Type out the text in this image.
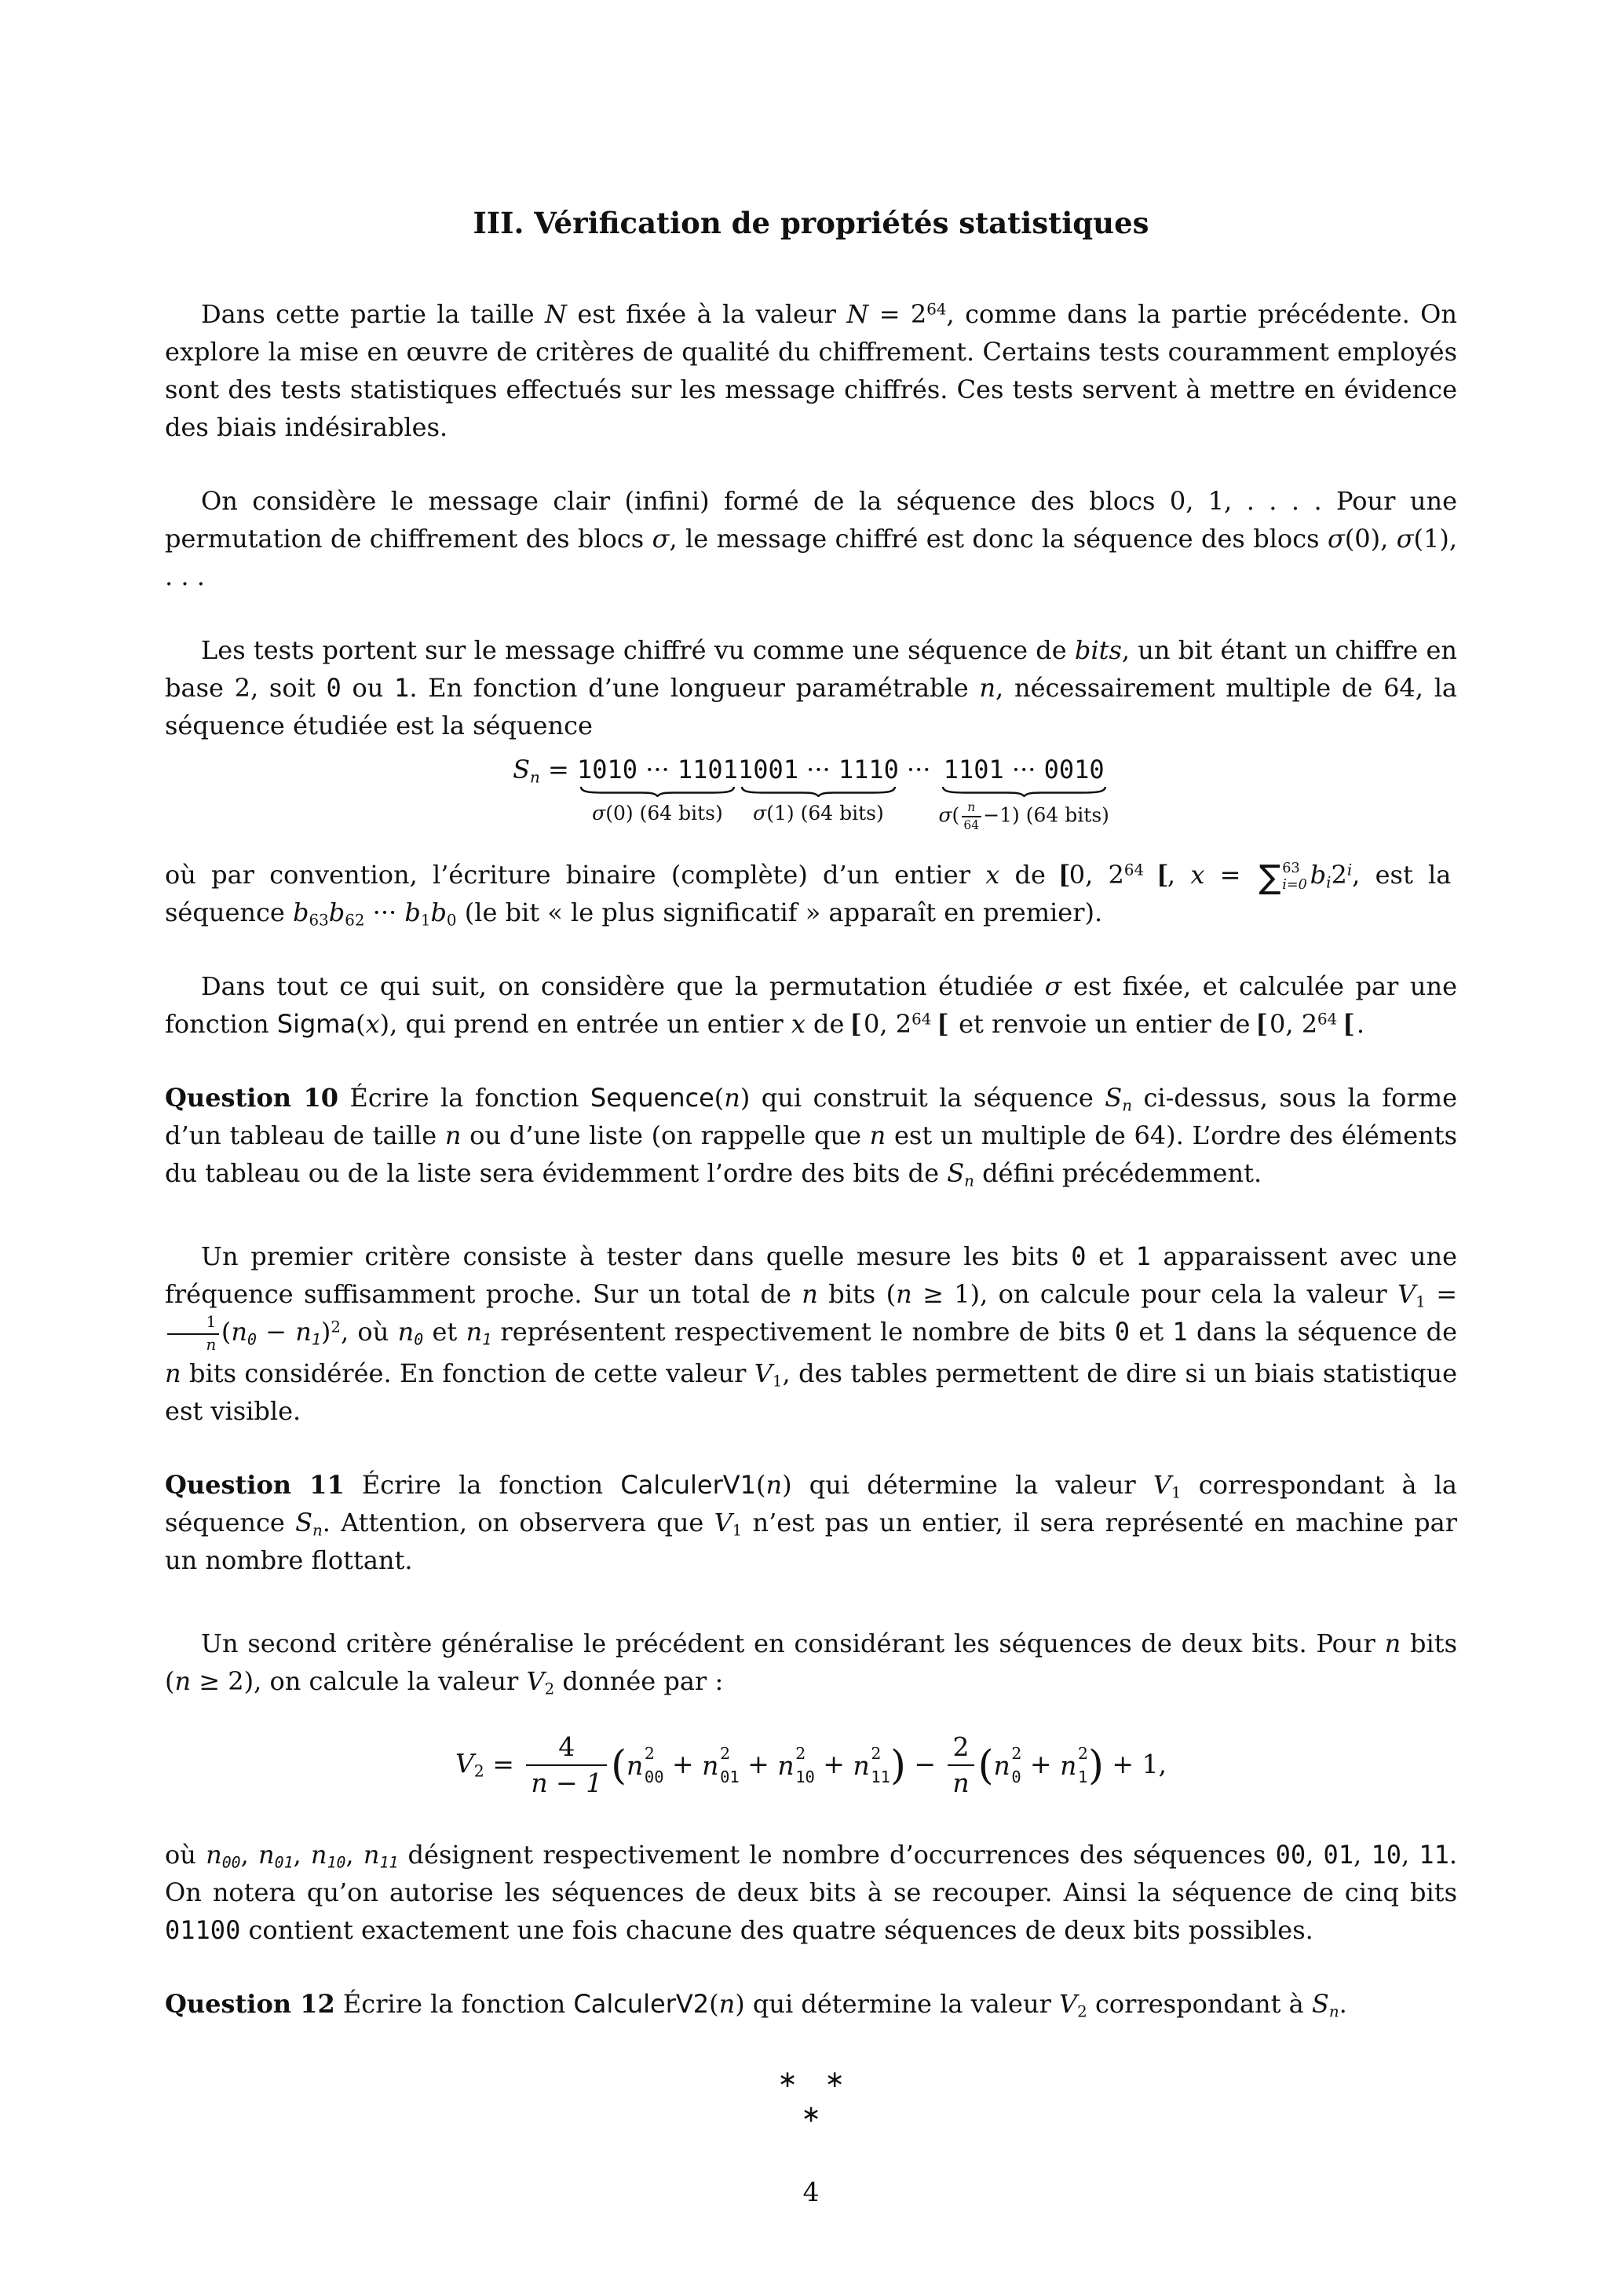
III. Vérification de propriétés statistiques

Dans cette partie la taille N est fixée à la valeur $N = 2^{64}$, comme dans la partie précédente. On explore la mise en œuvre de critères de qualité du chiffrement. Certains tests couramment employés sont des tests statistiques effectués sur les message chiffrés. Ces tests servent à mettre en évidence des biais indésirables.

On considère le message clair (infini) formé de la séquence des blocs 0, 1, . . . . Pour une permutation de chiffrement des blocs σ, le message chiffré est donc la séquence des blocs σ(0), σ(1), . . .

Les tests portent sur le message chiffré vu comme une séquence de bits, un bit étant un chiffre en base 2, soit 0 ou 1. En fonction d’une longueur paramétrable n, nécessairement multiple de 64, la séquence étudiée est la séquence

Sn = 1010 ··· 1101
σ(0) (64 bits)
1001 ··· 1110
σ(1) (64 bits)
··· 1101 ··· 0010
$\sigma( \frac{n}{64} -1)$ (64 bits)

où par convention, l’écriture binaire (complète) d’un entier x de 0, $2^{64}$ , x = ∑ 63
i=0 bi2$^i$, est la séquence b63b62 ··· b1b0 (le bit « le plus significatif » apparaît en premier).

Dans tout ce qui suit, on considère que la permutation étudiée σ est fixée, et calculée par une fonction Sigma(x), qui prend en entrée un entier x de 0, $2^{64}$ et renvoie un entier de 0, $2^{64}$ .

Question 10 Écrire la fonction Sequence(n) qui construit la séquence Sn ci-dessus, sous la forme d’un tableau de taille n ou d’une liste (on rappelle que n est un multiple de 64). L’ordre des éléments du tableau ou de la liste sera évidemment l’ordre des bits de Sn défini précédemment.

Un premier critère consiste à tester dans quelle mesure les bits 0 et 1 apparaissent avec une fréquence suffisamment proche. Sur un total de n bits (n ≥ 1), on calcule pour cela la valeur V1 =
$\frac{1}{n} (n0 - n1)^2$, où n0 et n1 représentent respectivement le nombre de bits 0 et 1 dans la séquence de n bits considérée. En fonction de cette valeur V1, des tables permettent de dire si un biais statistique est visible.

Question 11 Écrire la fonction CalculerV1(n) qui détermine la valeur V1 correspondant à la séquence Sn. Attention, on observera que V1 n’est pas un entier, il sera représenté en machine par un nombre flottant.

Un second critère généralise le précédent en considérant les séquences de deux bits. Pour n bits (n ≥ 2), on calcule la valeur V2 donnée par :

$V2 = \frac{4}{n - 1}$ ( n 2
00 + n 2
01 + n 2
10 + n 2
11 ) − $\frac{2}{n}$ ( n 2
0 + n 2
1 ) + 1,

où n00, n01, n10, n11 désignent respectivement le nombre d’occurrences des séquences 00, 01, 10, 11. On notera qu’on autorise les séquences de deux bits à se recouper. Ainsi la séquence de cinq bits 01100 contient exactement une fois chacune des quatre séquences de deux bits possibles.

Question 12 Écrire la fonction CalculerV2(n) qui détermine la valeur V2 correspondant à Sn.

∗ ∗
∗
4
